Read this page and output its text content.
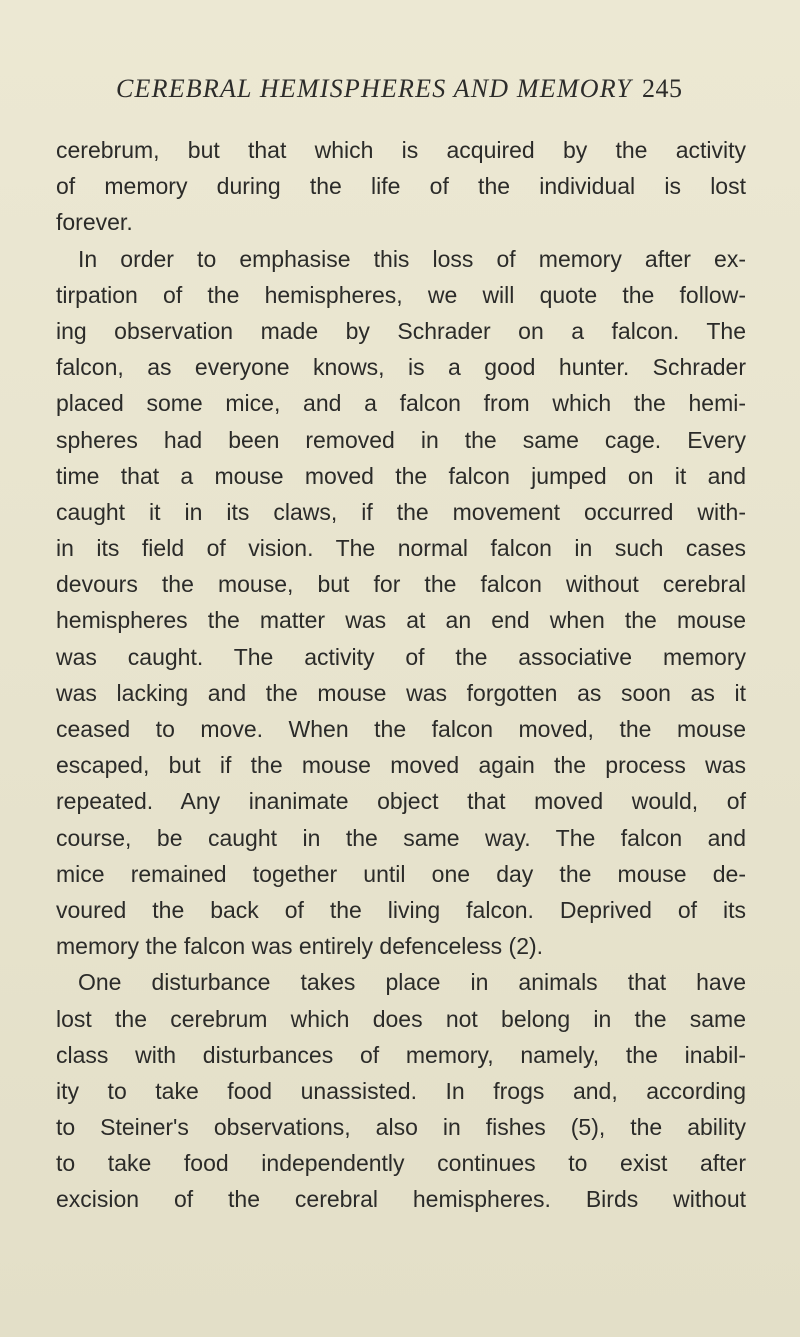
CEREBRAL HEMISPHERES AND MEMORY 245
cerebrum, but that which is acquired by the activity
of memory during the life of the individual is lost
forever.
In order to emphasise this loss of memory after ex-
tirpation of the hemispheres, we will quote the follow-
ing observation made by Schrader on a falcon. The
falcon, as everyone knows, is a good hunter. Schrader
placed some mice, and a falcon from which the hemi-
spheres had been removed in the same cage. Every
time that a mouse moved the falcon jumped on it and
caught it in its claws, if the movement occurred with-
in its field of vision. The normal falcon in such cases
devours the mouse, but for the falcon without cerebral
hemispheres the matter was at an end when the mouse
was caught. The activity of the associative memory
was lacking and the mouse was forgotten as soon as it
ceased to move. When the falcon moved, the mouse
escaped, but if the mouse moved again the process was
repeated. Any inanimate object that moved would, of
course, be caught in the same way. The falcon and
mice remained together until one day the mouse de-
voured the back of the living falcon. Deprived of its
memory the falcon was entirely defenceless (2).
One disturbance takes place in animals that have
lost the cerebrum which does not belong in the same
class with disturbances of memory, namely, the inabil-
ity to take food unassisted. In frogs and, according
to Steiner's observations, also in fishes (5), the ability
to take food independently continues to exist after
excision of the cerebral hemispheres. Birds without
